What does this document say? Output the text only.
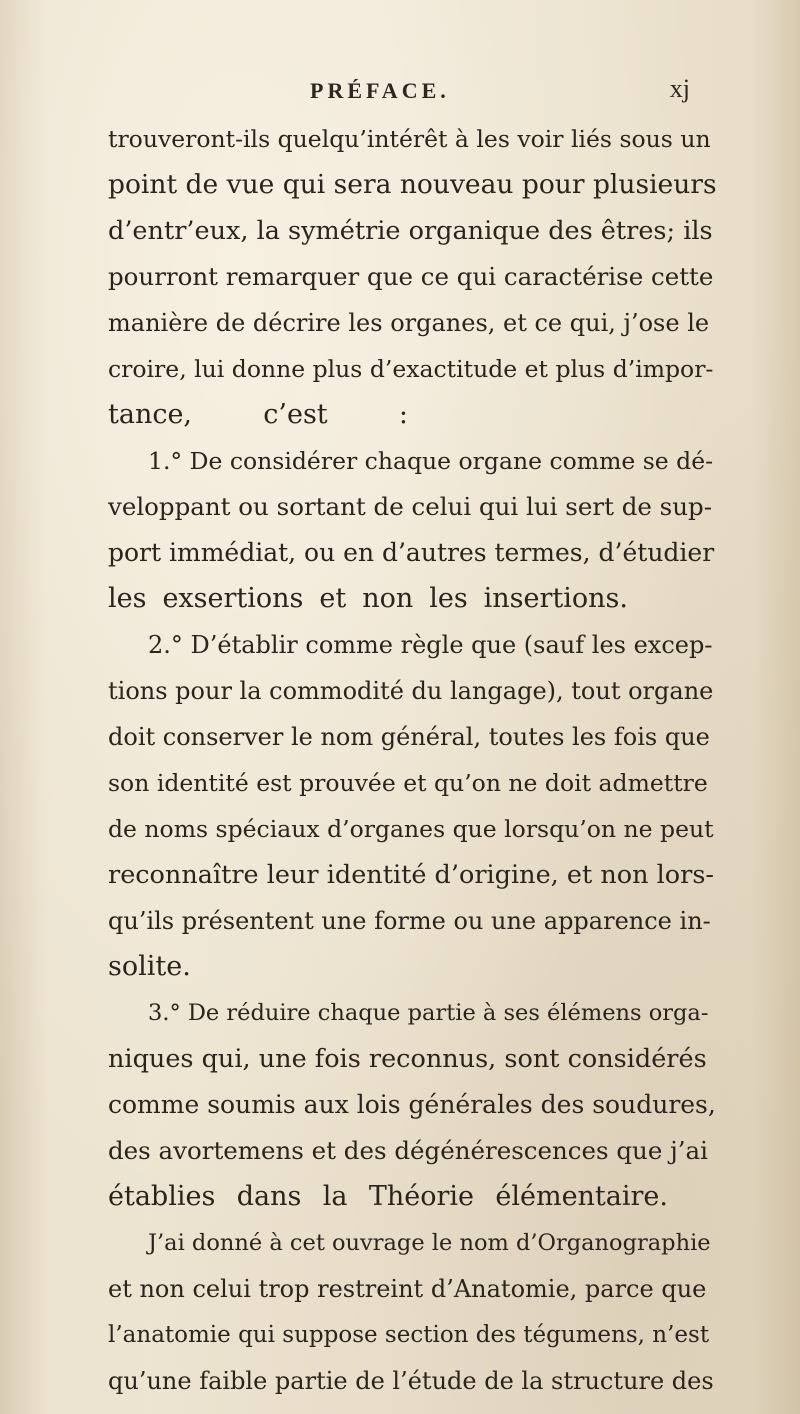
PRÉFACE.	xj
trouveront-ils quelqu’intérêt à les voir liés sous un
point de vue qui sera nouveau pour plusieurs
d’entr’eux, la symétrie organique des êtres; ils
pourront remarquer que ce qui caractérise cette
manière de décrire les organes, et ce qui, j’ose le
croire, lui donne plus d’exactitude et plus d’impor-
tance, c’est :
1.° De considérer chaque organe comme se dé-
veloppant ou sortant de celui qui lui sert de sup-
port immédiat, ou en d’autres termes, d’étudier
les exsertions et non les insertions.
2.° D’établir comme règle que (sauf les excep-
tions pour la commodité du langage), tout organe
doit conserver le nom général, toutes les fois que
son identité est prouvée et qu’on ne doit admettre
de noms spéciaux d’organes que lorsqu’on ne peut
reconnaître leur identité d’origine, et non lors-
qu’ils présentent une forme ou une apparence in-
solite.
3.° De réduire chaque partie à ses élémens orga-
niques qui, une fois reconnus, sont considérés
comme soumis aux lois générales des soudures,
des avortemens et des dégénérescences que j’ai
établies dans la Théorie élémentaire.
J’ai donné à cet ouvrage le nom d’Organographie
et non celui trop restreint d’Anatomie, parce que
l’anatomie qui suppose section des tégumens, n’est
qu’une faible partie de l’étude de la structure des
